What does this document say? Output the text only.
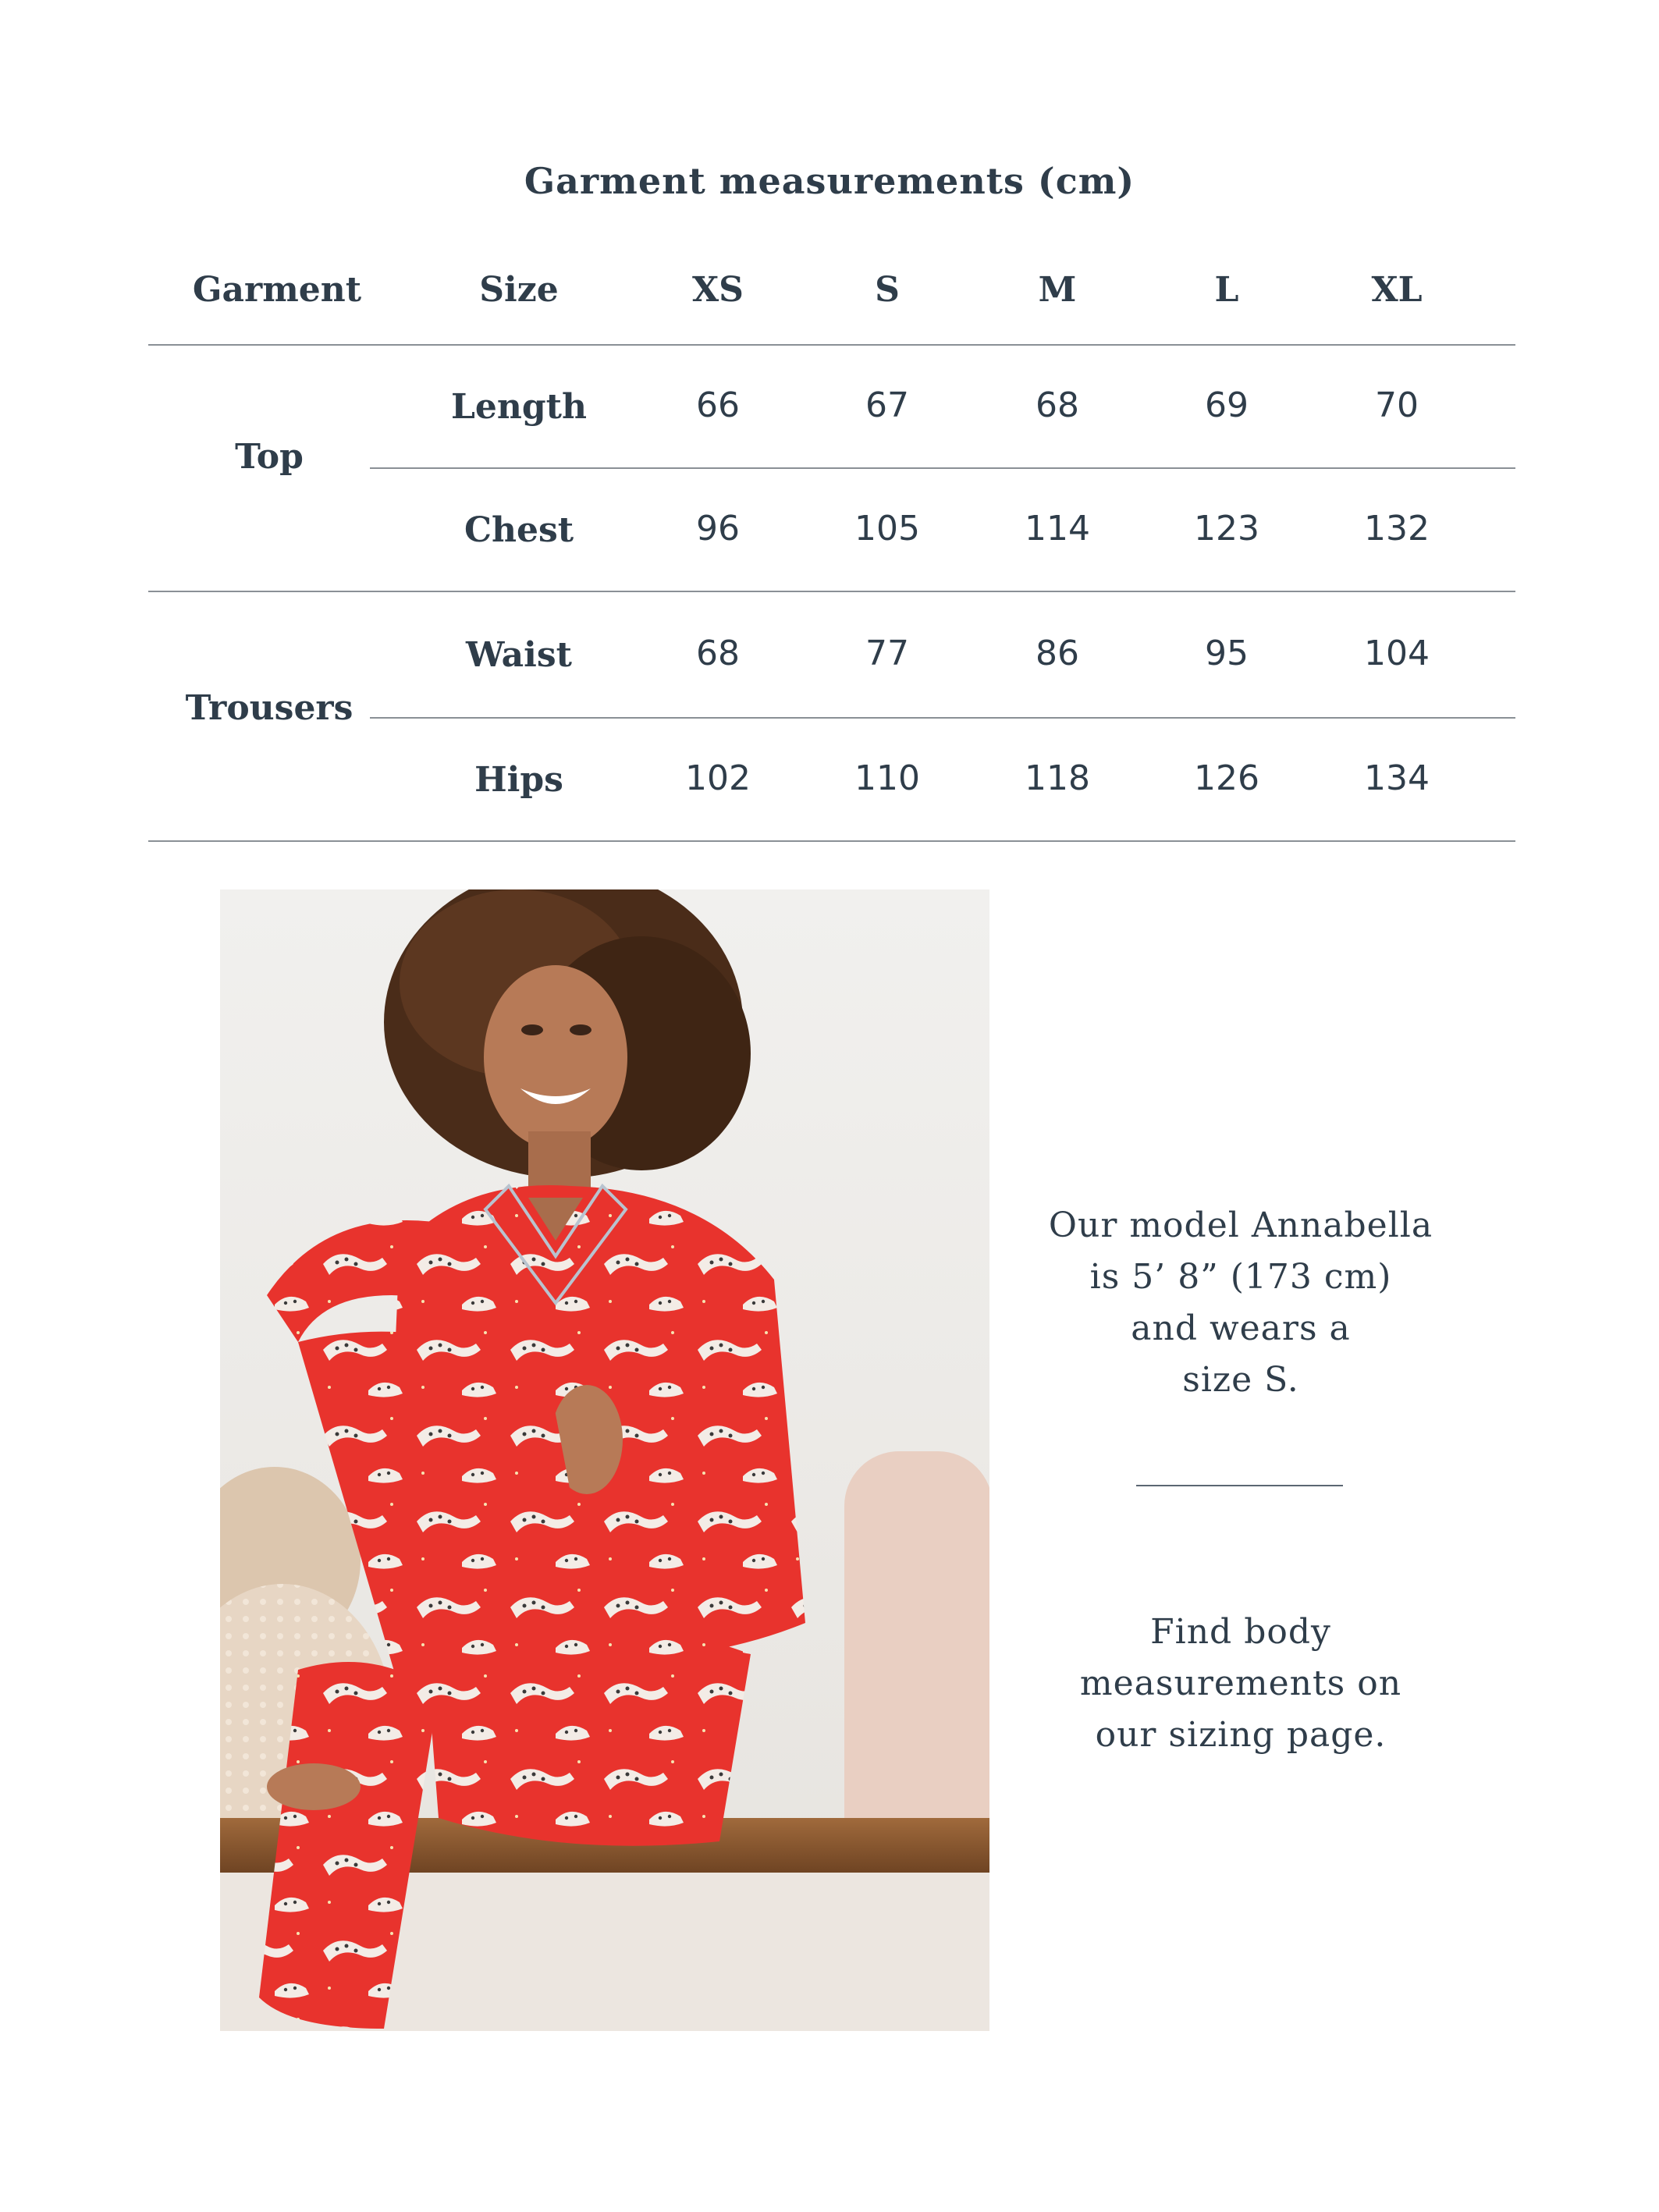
Garment measurements (cm)
Garment	Size	XS	S	M	L	XL
Top
Length	66	67	68	69	70
Chest	96	105	114	123	132
Trousers
Waist	68	77	86	95	104
Hips	102	110	118	126	134
Our model Annabella
is 5’ 8” (173 cm)
and wears a
size S.
Find body
measurements on
our sizing page.
